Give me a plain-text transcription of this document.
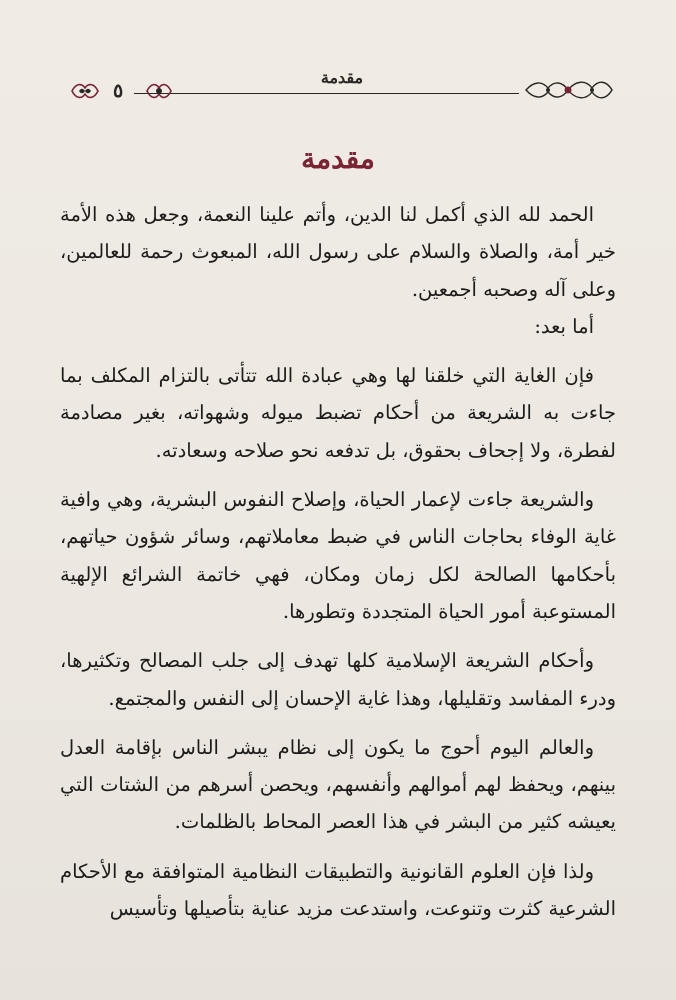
٥
مقدمة
مقدمة

الحمد لله الذي أكمل لنا الدين، وأتم علينا النعمة، وجعل هذه الأمة خير أمة، والصلاة والسلام على رسول الله، المبعوث رحمة للعالمين، وعلى آله وصحبه أجمعين.

أما بعد:

فإن الغاية التي خلقنا لها وهي عبادة الله تتأتى بالتزام المكلف بما جاءت به الشريعة من أحكام تضبط ميوله وشهواته، بغير مصادمة لفطرة، ولا إجحاف بحقوق، بل تدفعه نحو صلاحه وسعادته.

والشريعة جاءت لإعمار الحياة، وإصلاح النفوس البشرية، وهي وافية غاية الوفاء بحاجات الناس في ضبط معاملاتهم، وسائر شؤون حياتهم، بأحكامها الصالحة لكل زمان ومكان، فهي خاتمة الشرائع الإلهية المستوعبة أمور الحياة المتجددة وتطورها.

وأحكام الشريعة الإسلامية كلها تهدف إلى جلب المصالح وتكثيرها، ودرء المفاسد وتقليلها، وهذا غاية الإحسان إلى النفس والمجتمع.

والعالم اليوم أحوج ما يكون إلى نظام يبشر الناس بإقامة العدل بينهم، ويحفظ لهم أموالهم وأنفسهم، ويحصن أسرهم من الشتات التي يعيشه كثير من البشر في هذا العصر المحاط بالظلمات.

ولذا فإن العلوم القانونية والتطبيقات النظامية المتوافقة مع الأحكام الشرعية كثرت وتنوعت، واستدعت مزيد عناية بتأصيلها وتأسيس
